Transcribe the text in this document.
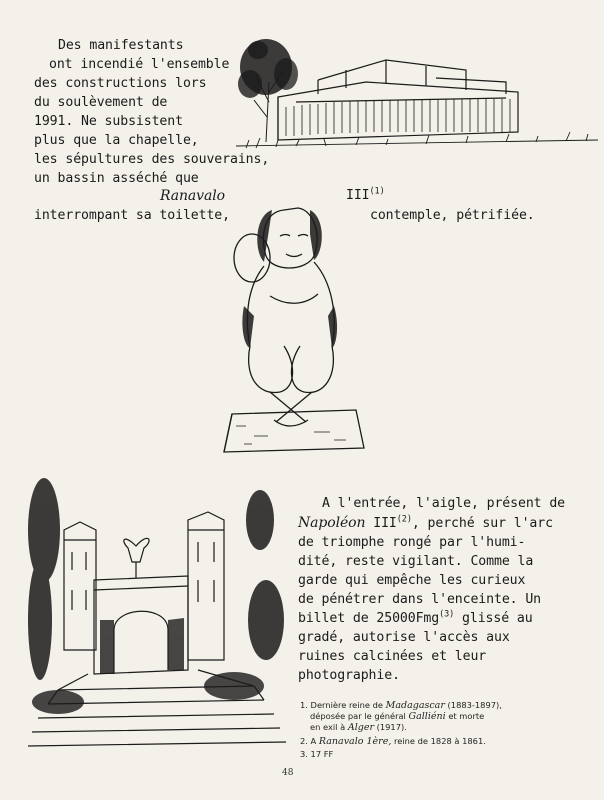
Des manifestants
ont incendié l'ensemble
des constructions lors
du soulèvement de
1991. Ne subsistent
plus que la chapelle,
les sépultures des souverains,
un bassin asséché que
Ranavalo	III$^{(1)}$
interrompant sa toilette,	contemple, pétrifiée.
A l'entrée, l'aigle, présent de
Napoléon III$^{(2)}$, perché sur l'arc
de triomphe rongé par l'humi-
dité, reste vigilant. Comme la
garde qui empêche les curieux
de pénétrer dans l'enceinte. Un
billet de 25000Fmg$^{(3)}$ glissé au
gradé, autorise l'accès aux
ruines calcinées et leur
photographie.
1. Dernière reine de Madagascar (1883-1897),
déposée par le général Galliéni et morte
en exil à Alger (1917).
2. A Ranavalo 1ère, reine de 1828 à 1861.
3. 17 FF
48
